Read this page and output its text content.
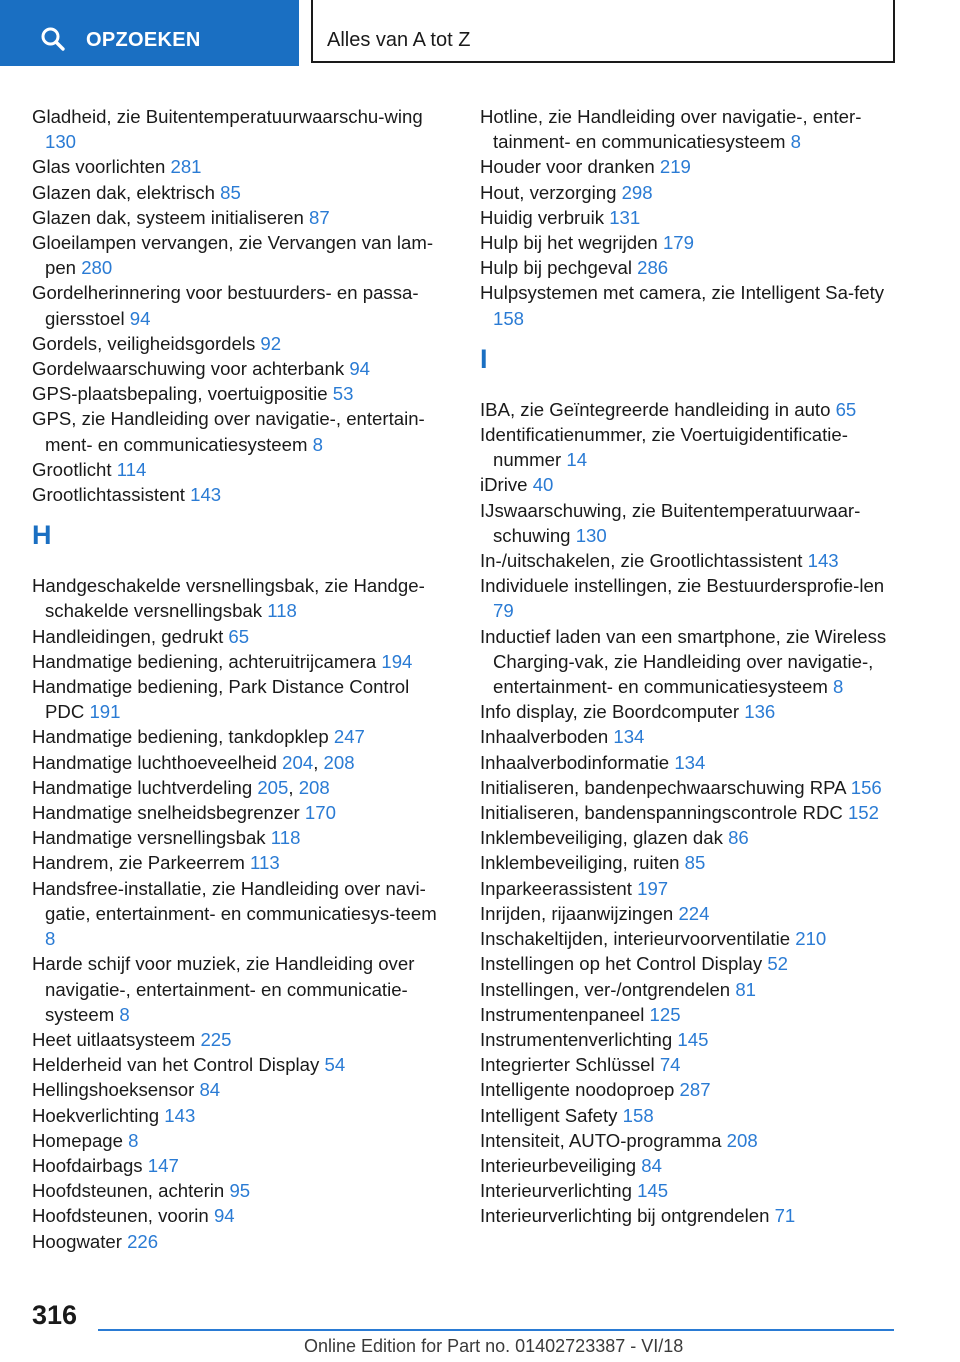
OPZOEKEN	Alles van A tot Z
Gladheid, zie Buitentemperatuurwaarschu-wing 130
Glas voorlichten 281
Glazen dak, elektrisch 85
Glazen dak, systeem initialiseren 87
Gloeilampen vervangen, zie Vervangen van lam-pen 280
Gordelherinnering voor bestuurders- en passa-giersstoel 94
Gordels, veiligheidsgordels 92
Gordelwaarschuwing voor achterbank 94
GPS-plaatsbepaling, voertuigpositie 53
GPS, zie Handleiding over navigatie-, entertain-ment- en communicatiesysteem 8
Grootlicht 114
Grootlichtassistent 143
H
Handgeschakelde versnellingsbak, zie Handge-schakelde versnellingsbak 118
Handleidingen, gedrukt 65
Handmatige bediening, achteruitrijcamera 194
Handmatige bediening, Park Distance Control PDC 191
Handmatige bediening, tankdopklep 247
Handmatige luchthoeveelheid 204, 208
Handmatige luchtverdeling 205, 208
Handmatige snelheidsbegrenzer 170
Handmatige versnellingsbak 118
Handrem, zie Parkeerrem 113
Handsfree-installatie, zie Handleiding over navi-gatie, entertainment- en communicatiesys-teem 8
Harde schijf voor muziek, zie Handleiding over navigatie-, entertainment- en communicatie-systeem 8
Heet uitlaatsysteem 225
Helderheid van het Control Display 54
Hellingshoeksensor 84
Hoekverlichting 143
Homepage 8
Hoofdairbags 147
Hoofdsteunen, achterin 95
Hoofdsteunen, voorin 94
Hoogwater 226
Hotline, zie Handleiding over navigatie-, enter-tainment- en communicatiesysteem 8
Houder voor dranken 219
Hout, verzorging 298
Huidig verbruik 131
Hulp bij het wegrijden 179
Hulp bij pechgeval 286
Hulpsystemen met camera, zie Intelligent Sa-fety 158
I
IBA, zie Geïntegreerde handleiding in auto 65
Identificatienummer, zie Voertuigidentificatie-nummer 14
iDrive 40
IJswaarschuwing, zie Buitentemperatuurwaar-schuwing 130
In-/uitschakelen, zie Grootlichtassistent 143
Individuele instellingen, zie Bestuurdersprofie-len 79
Inductief laden van een smartphone, zie Wireless Charging-vak, zie Handleiding over navigatie-, entertainment- en communicatiesysteem 8
Info display, zie Boordcomputer 136
Inhaalverboden 134
Inhaalverbodinformatie 134
Initialiseren, bandenpechwaarschuwing RPA 156
Initialiseren, bandenspanningscontrole RDC 152
Inklembeveiliging, glazen dak 86
Inklembeveiliging, ruiten 85
Inparkeerassistent 197
Inrijden, rijaanwijzingen 224
Inschakeltijden, interieurvoorventilatie 210
Instellingen op het Control Display 52
Instellingen, ver-/ontgrendelen 81
Instrumentenpaneel 125
Instrumentenverlichting 145
Integrierter Schlüssel 74
Intelligente noodoproep 287
Intelligent Safety 158
Intensiteit, AUTO-programma 208
Interieurbeveiliging 84
Interieurverlichting 145
Interieurverlichting bij ontgrendelen 71
316
Online Edition for Part no. 01402723387 - VI/18
